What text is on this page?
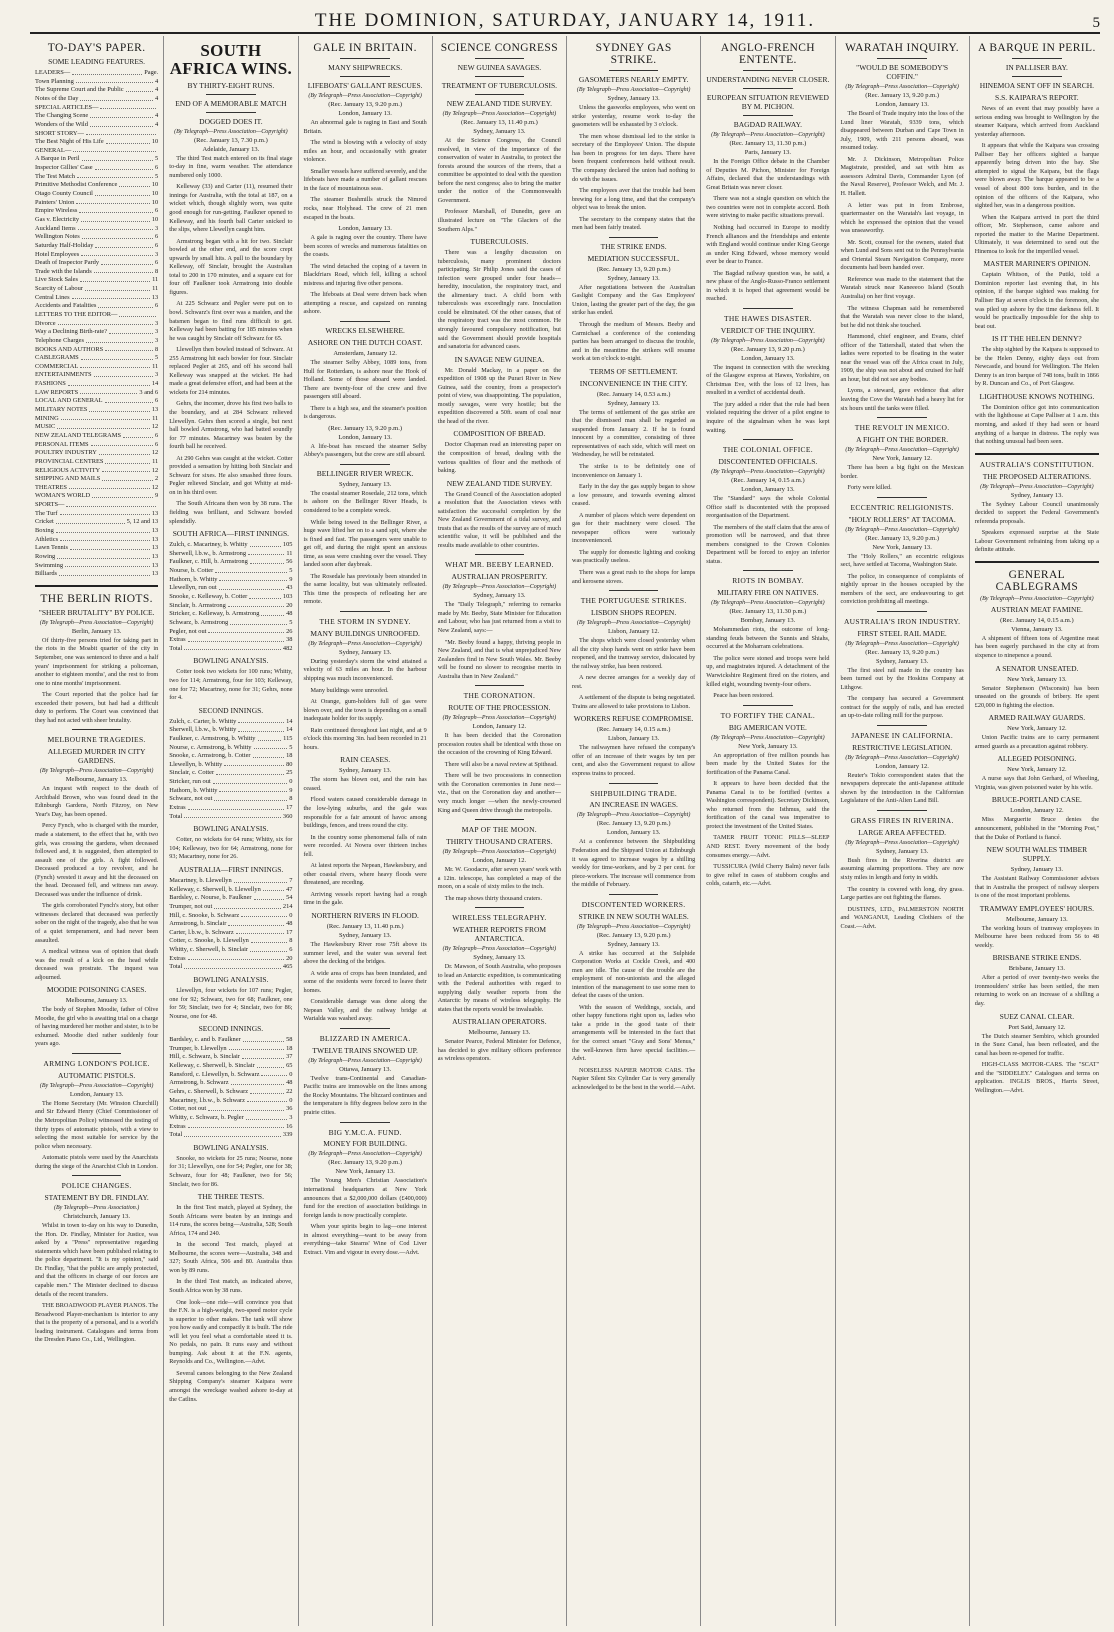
THE DOMINION, SATURDAY, JANUARY 14, 1911.	5
TO-DAY'S PAPER.
SOME LEADING FEATURES.
LEADERS—	Page.
Town Planning	4
The Supreme Court and the Public	4
Notes of the Day	4
SPECIAL ARTICLES—
The Changing Scene	4
Wonders of the Wild	4
SHORT STORY—
The Best Night of His Life	10
GENERAL—
A Barque in Peril	5
Inspector Gillies' Case	6
The Test Match	5
Primitive Methodist Conference	10
Otago County Council	10
Painters' Union	10
Empire Wireless	6
Gas v. Electricity	10
Auckland Items	3
Wellington Notes	6
Saturday Half-Holiday	6
Hotel Employees	3
Death of Inspector Pardy	6
Trade with the Islands	8
Live Stock Sales	11
Scarcity of Labour	11
Central Lines	13
Accidents and Fatalities	6
LETTERS TO THE EDITOR—
Divorce	3
Way a Declining Birth-rate?	3
Telephone Charges	3
BOOKS AND AUTHORS	8
CABLEGRAMS	5
COMMERCIAL	11
ENTERTAINMENTS	3
FASHIONS	14
LAW REPORTS	3 and 6
LOCAL AND GENERAL	6
MILITARY NOTES	13
MINING	11
MUSIC	12
NEW ZEALAND TELEGRAMS	6
PERSONAL ITEMS	6
POULTRY INDUSTRY	12
PROVINCIAL CENTRES	11
RELIGIOUS ACTIVITY	12
SHIPPING AND MAILS	2
THEATRES	12
WOMAN'S WORLD	9
SPORTS—
The Turf	13
Cricket	5, 12 and 13
Boxing	13
Athletics	13
Lawn Tennis	13
Rowing	13
Swimming	13
Billiards	13
THE BERLIN RIOTS.
"SHEER BRUTALITY" BY POLICE.
(By Telegraph—Press Association—Copyright)
Berlin, January 13.

Of thirty-five persons tried for taking part in the riots in the Moabit quarter of the city in September, one was sentenced to three and a half years' imprisonment for striking a policeman, another to eighteen months', and the rest to from one to nine months' imprisonment.

The Court reported that the police had far exceeded their powers, but had had a difficult duty to perform. The Court was convinced that they had not acted with sheer brutality.

MELBOURNE TRAGEDIES.
ALLEGED MURDER IN CITY GARDENS.
(By Telegraph—Press Association—Copyright)
Melbourne, January 13.

An inquest with respect to the death of Archibald Brown, who was found dead in the Edinburgh Gardens, North Fitzroy, on New Year's Day, has been opened.

Percy Fynch, who is charged with the murder, made a statement, to the effect that he, with two girls, was crossing the gardens, when deceased followed and, it is suggested, then attempted to assault one of the girls. A fight followed. Deceased produced a toy revolver, and he (Fynch) wrested it away and hit the deceased on the head. Deceased fell, and witness ran away. Deceased was under the influence of drink.

The girls corroborated Fynch's story, but other witnesses declared that deceased was perfectly sober on the night of the tragedy, also that he was of a quiet temperament, and had never been assaulted.

A medical witness was of opinion that death was the result of a kick on the head while deceased was prostrate. The inquest was adjourned.

MOODIE POISONING CASES.
Melbourne, January 13.

The body of Stephen Moodie, father of Olive Moodie, the girl who is awaiting trial on a charge of having murdered her mother and sister, is to be exhumed. Moodie died rather suddenly four years ago.

ARMING LONDON'S POLICE.
AUTOMATIC PISTOLS.
(By Telegraph—Press Association—Copyright)
London, January 13.

The Home Secretary (Mr. Winston Churchill) and Sir Edward Henry (Chief Commissioner of the Metropolitan Police) witnessed the testing of thirty types of automatic pistols, with a view to selecting the most suitable for service by the police when necessary.

Automatic pistols were used by the Anarchists during the siege of the Anarchist Club in London.

POLICE CHANGES.
STATEMENT BY DR. FINDLAY.
(By Telegraph—Press Association.)
Christchurch, January 13.

Whilst in town to-day on his way to Dunedin, the Hon. Dr. Findlay, Minister for Justice, was asked by a "Press" representative regarding statements which have been published relating to the police department. "It is my opinion," said Dr. Findlay, "that the public are amply protected, and that the officers in charge of our forces are capable men." The Minister declined to discuss details of the recent transfers.

THE BROADWOOD PLAYER PIANOS. The Broadwood Player-mechanism is interior to any that is the property of a personal, and is a world's leading instrument. Catalogues and terms from the Dresden Piano Co., Ltd., Wellington.

SOUTH AFRICA WINS.
BY THIRTY-EIGHT RUNS.
END OF A MEMORABLE MATCH
DOGGED DOES IT.
(By Telegraph—Press Association—Copyright)
(Rec. January 13, 7.30 p.m.)
Adelaide, January 13.

The third Test match entered on its final stage to-day in fine, warm weather. The attendance numbered only 1000.

Kelleway (33) and Carter (11), resumed their innings for Australia, with the total at 187, on a wicket which, though slightly worn, was quite good enough for run-getting. Faulkner opened to Kelleway, and his fourth ball Carter snicked to the slips, where Llewellyn caught him.

Armstrong began with a hit for two. Sinclair bowled at the other end, and the score crept upwards by small hits. A pull to the boundary by Kelleway, off Sinclair, brought the Australian total to 200 in 170 minutes, and a square cut for four off Faulkner took Armstrong into double figures.

At 225 Schwarz and Pegler were put on to bowl. Schwarz's first over was a maiden, and the batsmen began to find runs difficult to get. Kelleway had been batting for 185 minutes when he was caught by Sinclair off Schwarz for 65.

Llewellyn then bowled instead of Schwarz. At 255 Armstrong hit each bowler for four. Sinclair replaced Pegler at 265, and off his second ball Kelleway was snapped at the wicket. He had made a great defensive effort, and had been at the wickets for 214 minutes.

Gehrs, the incomer, drove his first two balls to the boundary, and at 284 Schwarz relieved Llewellyn. Gehrs then scored a single, but next ball bowled Armstrong, who had batted soundly for 77 minutes. Macartney was beaten by the fourth ball he received.

At 290 Gehrs was caught at the wicket. Cotter provided a sensation by hitting both Sinclair and Schwarz for sixes. He also smashed three fours. Pegler relieved Sinclair, and got Whitty at mid-on in his third over.

The South Africans then won by 38 runs. The fielding was brilliant, and Schwarz bowled splendidly.

SOUTH AFRICA—FIRST INNINGS.
Zulch, c. Macartney, b. Whitty	105
Sherwell, l.b.w., b. Armstrong	11
Faulkner, c. Hill, b. Armstrong	56
Nourse, b. Cotter	5
Hathorn, b. Whitty	9
Llewellyn, run out	43
Snooke, c. Kelleway, b. Cotter	103
Sinclair, b. Armstrong	20
Stricker, c. Kelleway, b. Armstrong	48
Schwarz, b. Armstrong	5
Pegler, not out	26
Extras	38
Total	482
BOWLING ANALYSIS.

Cotter took two wickets for 100 runs; Whitty, two for 114; Armstrong, four for 103; Kelleway, one for 72; Macartney, none for 31; Gehrs, none for 4.

SECOND INNINGS.
Zulch, c. Carter, b. Whitty	14
Sherwell, l.b.w., b. Whitty	14
Faulkner, c. Armstrong, b. Whitty	115
Nourse, c. Armstrong, b. Whitty	5
Snooke, c. Armstrong, b. Cotter	18
Llewellyn, b. Whitty	80
Sinclair, c. Cotter	25
Stricker, run out	0
Hathorn, b. Whitty	9
Schwarz, not out	8
Extras	17
Total	360
BOWLING ANALYSIS.

Cotter, no wickets for 64 runs; Whitty, six for 104; Kelleway, two for 64; Armstrong, none for 93; Macartney, none for 26.

AUSTRALIA—FIRST INNINGS.
Macartney, b. Llewellyn	7
Kelleway, c. Sherwell, b. Llewellyn	47
Bardsley, c. Nourse, b. Faulkner	54
Trumper, not out	214
Hill, c. Snooke, b. Schwarz	0
Armstrong, b. Sinclair	48
Carter, l.b.w., b. Schwarz	17
Cotter, c. Snooke, b. Llewellyn	8
Whitty, c. Sherwell, b. Sinclair	6
Extras	20
Total	465
BOWLING ANALYSIS.

Llewellyn, four wickets for 107 runs; Pegler, one for 92; Schwarz, two for 68; Faulkner, one for 59; Sinclair, two for 4; Sinclair, two for 86; Nourse, one for 48.

SECOND INNINGS.
Bardsley, c. and b. Faulkner	58
Trumper, b. Llewellyn	18
Hill, c. Schwarz, b. Sinclair	37
Kelleway, c. Sherwell, b. Sinclair	65
Ransford, c. Llewellyn, b. Schwarz	0
Armstrong, b. Schwarz	48
Gehrs, c. Sherwell, b. Schwarz	22
Macartney, l.b.w., b. Schwarz	0
Cotter, not out	36
Whitty, c. Schwarz, b. Pegler	3
Extras	16
Total	339
BOWLING ANALYSIS.

Snooke, no wickets for 25 runs; Nourse, none for 31; Llewellyn, one for 54; Pegler, one for 38; Schwarz, four for 48; Faulkner, two for 56; Sinclair, two for 86.

THE THREE TESTS.

In the first Test match, played at Sydney, the South Africans were beaten by an innings and 114 runs, the scores being—Australia, 528; South Africa, 174 and 240.

In the second Test match, played at Melbourne, the scores were—Australia, 348 and 327; South Africa, 506 and 80. Australia thus won by 89 runs.

In the third Test match, as indicated above, South Africa won by 38 runs.

One look—one ride—will convince you that the F.N. is a high-weight, two-speed motor cycle is superior to other makes. The tank will show you how easily and compactly it is built. The ride will let you feel what a comfortable steed it is. No pedals, no pain. It runs easy and without bumping. Ask about it at the F.N. agents, Reynolds and Co., Wellington.—Advt.

Several canoes belonging to the New Zealand Shipping Company's steamer Kaipara were amongst the wreckage washed ashore to-day at the Catlins.

GALE IN BRITAIN.
MANY SHIPWRECKS.
LIFEBOATS' GALLANT RESCUES.
(By Telegraph—Press Association—Copyright)
(Rec. January 13, 9.20 p.m.)
London, January 13.

An abnormal gale is raging in East and South Britain.

The wind is blowing with a velocity of sixty miles an hour, and occasionally with greater violence.

Smaller vessels have suffered severely, and the lifeboats have made a number of gallant rescues in the face of mountainous seas.

The steamer Bushmills struck the Nimrod rocks, near Holyhead. The crew of 21 men escaped in the boats.

London, January 13.

A gale is raging over the country. There have been scores of wrecks and numerous fatalities on the coasts.

The wind detached the coping of a tavern in Blackfriars Road, which fell, killing a school mistress and injuring five other persons.

The lifeboats at Deal were driven back when attempting a rescue, and capsized on running ashore.

WRECKS ELSEWHERE.
ASHORE ON THE DUTCH COAST.
Amsterdam, January 12.

The steamer Selby Abbey, 1089 tons, from Hull for Rotterdam, is ashore near the Hook of Holland. Some of those aboard were landed. There are twenty-four of the crew and five passengers still aboard.

There is a high sea, and the steamer's position is dangerous.

(Rec. January 13, 9.20 p.m.)
London, January 13.

A life-boat has rescued the steamer Selby Abbey's passengers, but the crew are still aboard.

BELLINGER RIVER WRECK.
Sydney, January 13.

The coastal steamer Rosedale, 212 tons, which is ashore on the Bellinger River Heads, is considered to be a complete wreck.

While being towed in the Bellinger River, a huge wave lifted her on to a sand spit, where she is fixed and fast. The passengers were unable to get off, and during the night spent an anxious time, as seas were crashing over the vessel. They landed soon after daybreak.

The Rosedale has previously been stranded in the same locality, but was ultimately refloated. This time the prospects of refloating her are remote.

THE STORM IN SYDNEY.
MANY BUILDINGS UNROOFED.
(By Telegraph—Press Association—Copyright)
Sydney, January 13.

During yesterday's storm the wind attained a velocity of 63 miles an hour. In the harbour shipping was much inconvenienced.

Many buildings were unroofed.

At Orange, gum-holders full of gas were blown over, and the town is depending on a small inadequate holder for its supply.

Rain continued throughout last night, and at 9 o'clock this morning 3in. had been recorded in 21 hours.

RAIN CEASES.
Sydney, January 13.

The storm has blown out, and the rain has ceased.

Flood waters caused considerable damage in the low-lying suburbs, and the gale was responsible for a fair amount of havoc among buildings, fences, and trees round the city.

In the country some phenomenal falls of rain were recorded. At Nowra over thirteen inches fell.

At latest reports the Nepean, Hawkesbury, and other coastal rivers, where heavy floods were threatened, are receding.

Arriving vessels report having had a rough time in the gale.

NORTHERN RIVERS IN FLOOD.
(Rec. January 13, 11.40 p.m.)
Sydney, January 13.

The Hawkesbury River rose 75ft above its summer level, and the water was several feet above the decking of the bridges.

A wide area of crops has been inundated, and some of the residents were forced to leave their homes.

Considerable damage was done along the Nepean Valley, and the railway bridge at Warialda was washed away.

BLIZZARD IN AMERICA.
TWELVE TRAINS SNOWED UP.
(By Telegraph—Press Association—Copyright)
Ottawa, January 13.

Twelve trans-Continental and Canadian-Pacific trains are immovable on the lines among the Rocky Mountains. The blizzard continues and the temperature is fifty degrees below zero in the prairie cities.

BIG Y.M.C.A. FUND.
MONEY FOR BUILDING.
(By Telegraph—Press Association—Copyright)
(Rec. January 13, 9.20 p.m.)
New York, January 13.

The Young Men's Christian Association's international headquarters at New York announces that a $2,000,000 dollars (£400,000) fund for the erection of association buildings in foreign lands is now practically complete.

When your spirits begin to lag—one interest in almost everything—want to be away from everything—take Stearns' Wine of Cod Liver Extract. Vim and vigour in every dose.—Advt.

SCIENCE CONGRESS
NEW GUINEA SAVAGES.
TREATMENT OF TUBERCULOSIS.
NEW ZEALAND TIDE SURVEY.
(By Telegraph—Press Association—Copyright)
(Rec. January 13, 11.40 p.m.)
Sydney, January 13.

At the Science Congress, the Council resolved, in view of the importance of the conservation of water in Australia, to protect the forests around the sources of the rivers, that a committee be appointed to deal with the question before the next congress; also to bring the matter under the notice of the Commonwealth Government.

Professor Marshall, of Dunedin, gave an illustrated lecture on "The Glaciers of the Southern Alps."

TUBERCULOSIS.

There was a lengthy discussion on tuberculosis, many prominent doctors participating. Sir Philip Jones said the cases of infection were grouped under four heads—heredity, inoculation, the respiratory tract, and the alimentary tract. A child born with tuberculosis was exceedingly rare. Inoculation could be eliminated. Of the other causes, that of the respiratory tract was the most common. He strongly favoured compulsory notification, but said the Government should provide hospitals and sanatoria for advanced cases.

IN SAVAGE NEW GUINEA.

Mr. Donald Mackay, in a paper on the expedition of 1908 up the Purari River in New Guinea, said the country, from a prospector's point of view, was disappointing. The population, mostly savages, were very hostile; but the expedition discovered a 50ft. seam of coal near the head of the river.

COMPOSITION OF BREAD.

Doctor Chapman read an interesting paper on the composition of bread, dealing with the various qualities of flour and the methods of baking.

NEW ZEALAND TIDE SURVEY.

The Grand Council of the Association adopted a resolution that the Association views with satisfaction the successful completion by the New Zealand Government of a tidal survey, and trusts that as the results of the survey are of much scientific value, it will be published and the results made available to other countries.

WHAT MR. BEEBY LEARNED.
AUSTRALIAN PROSPERITY.
(By Telegraph—Press Association—Copyright)
Sydney, January 13.

The "Daily Telegraph," referring to remarks made by Mr. Beeby, State Minister for Education and Labour, who has just returned from a visit to New Zealand, says:—

"Mr. Beeby found a happy, thriving people in New Zealand, and that is what unprejudiced New Zealanders find in New South Wales. Mr. Beeby will be found no slower to recognise merits in Australia than in New Zealand."

THE CORONATION.
ROUTE OF THE PROCESSION.
(By Telegraph—Press Association—Copyright)
London, January 12.

It has been decided that the Coronation procession routes shall be identical with those on the occasion of the crowning of King Edward.

There will also be a naval review at Spithead.

There will be two processions in connection with the Coronation ceremonies in June next—viz., that on the Coronation day and another—very much longer —when the newly-crowned King and Queen drive through the metropolis.

MAP OF THE MOON.
THIRTY THOUSAND CRATERS.
(By Telegraph—Press Association—Copyright)
London, January 12.

Mr. W. Goodacre, after seven years' work with a 12in. telescope, has completed a map of the moon, on a scale of sixty miles to the inch.

The map shows thirty thousand craters.

WIRELESS TELEGRAPHY.
WEATHER REPORTS FROM ANTARCTICA.
(By Telegraph—Press Association—Copyright)
Sydney, January 13.

Dr. Mawson, of South Australia, who proposes to lead an Antarctic expedition, is communicating with the Federal authorities with regard to supplying daily weather reports from the Antarctic by means of wireless telegraphy. He states that the reports would be invaluable.

AUSTRALIAN OPERATORS.
Melbourne, January 13.

Senator Pearce, Federal Minister for Defence, has decided to give military officers preference as wireless operators.

SYDNEY GAS STRIKE.
GASOMETERS NEARLY EMPTY.
(By Telegraph—Press Association—Copyright)
Sydney, January 13.

Unless the gasworks employees, who went on strike yesterday, resume work to-day the gasometers will be exhausted by 3 o'clock.

The men whose dismissal led to the strike is secretary of the Employees' Union. The dispute has been in progress for ten days. There have been frequent conferences held without result. The company declared the union had nothing to do with the issues.

The employees aver that the trouble had been brewing for a long time, and that the company's object was to break the union.

The secretary to the company states that the men had been fairly treated.

THE STRIKE ENDS.
MEDIATION SUCCESSFUL.
(Rec. January 13, 9.20 p.m.)
Sydney, January 13.

After negotiations between the Australian Gaslight Company and the Gas Employees' Union, lasting the greater part of the day, the gas strike has ended.

Through the medium of Messrs. Beeby and Carmichael a conference of the contending parties has been arranged to discuss the trouble, and in the meantime the strikers will resume work at ten o'clock to-night.

TERMS OF SETTLEMENT.
INCONVENIENCE IN THE CITY.
(Rec. January 14, 0.53 a.m.)
Sydney, January 13.

The terms of settlement of the gas strike are that the dismissed man shall be regarded as suspended from January 2. If he is found innocent by a committee, consisting of three representatives of each side, which will meet on Wednesday, he will be reinstated.

The strike is to be definitely one of inconvenience on January 1.

Early in the day the gas supply began to show a low pressure, and towards evening almost ceased.

A number of places which were dependent on gas for their machinery were closed. The newspaper offices were variously inconvenienced.

The supply for domestic lighting and cooking was practically useless.

There was a great rush to the shops for lamps and kerosene stoves.

THE PORTUGUESE STRIKES.
LISBON SHOPS REOPEN.
(By Telegraph—Press Association—Copyright)
Lisbon, January 12.

The shops which were closed yesterday when all the city shop hands went on strike have been reopened, and the tramway service, dislocated by the railway strike, has been restored.

A new decree arranges for a weekly day of rest.

A settlement of the dispute is being negotiated. Trains are allowed to take provisions to Lisbon.

WORKERS REFUSE COMPROMISE.
(Rec. January 14, 0.15 a.m.)
Lisbon, January 13.

The railwaymen have refused the company's offer of an increase of their wages by ten per cent, and also the Government request to allow express trains to proceed.

SHIPBUILDING TRADE.
AN INCREASE IN WAGES.
(By Telegraph—Press Association—Copyright)
(Rec. January 13, 9.20 p.m.)
London, January 13.

At a conference between the Shipbuilding Federation and the Shipyard Union at Edinburgh it was agreed to increase wages by a shilling weekly for time-workers, and by 2 per cent. for piece-workers. The increase will commence from the middle of February.

DISCONTENTED WORKERS.
STRIKE IN NEW SOUTH WALES.
(By Telegraph—Press Association—Copyright)
(Rec. January 13, 9.20 p.m.)
Sydney, January 13.

A strike has occurred at the Sulphide Corporation Works at Cockle Creek, and 400 men are idle. The cause of the trouble are the employment of non-unionists and the alleged intention of the management to use some men to defeat the cases of the union.

With the season of Weddings, socials, and other happy functions right upon us, ladies who take a pride in the good taste of their arrangements will be interested in the fact that for the correct smart "Gray and Sons' Menus," the well-known firm have special facilities.—Advt.

NOISELESS NAPIER MOTOR CARS. The Napier Silent Six Cylinder Car is very generally acknowledged to be the best in the world.—Advt.

ANGLO-FRENCH ENTENTE.
UNDERSTANDING NEVER CLOSER.
EUROPEAN SITUATION REVIEWED BY M. PICHON.
BAGDAD RAILWAY.
(By Telegraph—Press Association—Copyright)
(Rec. January 13, 11.30 p.m.)
Paris, January 13.

In the Foreign Office debate in the Chamber of Deputies M. Pichon, Minister for Foreign Affairs, declared that the understandings with Great Britain was never closer.

There was not a single question on which the two countries were not in complete accord. Both were striving to make pacific situations prevail.

Nothing had occurred in Europe to modify French alliances and the friendships and entente with England would continue under King George as under King Edward, whose memory would ever be dear to France.

The Bagdad railway question was, he said, a new phase of the Anglo-Russo-Franco settlement in which it is hoped that agreement would be reached.

THE HAWES DISASTER.
VERDICT OF THE INQUIRY.
(By Telegraph—Press Association—Copyright)
(Rec. January 13, 9.20 p.m.)
London, January 13.

The inquest in connection with the wrecking of the Glasgow express at Hawes, Yorkshire, on Christmas Eve, with the loss of 12 lives, has resulted in a verdict of accidental death.

The jury added a rider that the rule had been violated requiring the driver of a pilot engine to inquire of the signalman when he was kept waiting.

THE COLONIAL OFFICE.
DISCONTENTED OFFICIALS.
(By Telegraph—Press Association—Copyright)
(Rec. January 14, 0.15 a.m.)
London, January 13.

The "Standard" says the whole Colonial Office staff is discontented with the proposed reorganisation of the Department.

The members of the staff claim that the area of promotion will be narrowed, and that three members consigned to the Crown Colonies Department will be forced to enjoy an inferior status.

RIOTS IN BOMBAY.
MILITARY FIRE ON NATIVES.
(By Telegraph—Press Association—Copyright)
(Rec. January 13, 11.30 p.m.)
Bombay, January 13.

Mohammedan riots, the outcome of long-standing feuds between the Sunnis and Shiahs, occurred at the Moharram celebrations.

The police were stoned and troops were held up, and magistrates injured. A detachment of the Warwickshire Regiment fired on the rioters, and killed eight, wounding twenty-four others.

Peace has been restored.

TO FORTIFY THE CANAL.
BIG AMERICAN VOTE.
(By Telegraph—Press Association—Copyright)
New York, January 13.

An appropriation of five million pounds has been made by the United States for the fortification of the Panama Canal.

It appears to have been decided that the Panama Canal is to be fortified (writes a Washington correspondent). Secretary Dickinson, who returned from the Isthmus, said the fortification of the canal was imperative to protect the investment of the United States.

TAMER FRUIT TONIC PILLS—SLEEP AND REST. Every movement of the body consumes energy.—Advt.

TUSSICURA (Wild Cherry Balm) never fails to give relief in cases of stubborn coughs and colds, catarrh, etc.—Advt.

WARATAH INQUIRY.
"WOULD BE SOMEBODY'S COFFIN."
(By Telegraph—Press Association—Copyright)
(Rec. January 13, 9.20 p.m.)
London, January 13.

The Board of Trade inquiry into the loss of the Lund liner Waratah, 9339 tons, which disappeared between Durban and Cape Town in July, 1909, with 211 persons aboard, was resumed today.

Mr. J. Dickinson, Metropolitan Police Magistrate, presided, and sat with him as assessors Admiral Davis, Commander Lyon (of the Naval Reserve), Professor Welch, and Mr. J. H. Hallett.

A letter was put in from Embrose, quartermaster on the Waratah's last voyage, in which he expressed the opinion that the vessel was unseaworthy.

Mr. Scott, counsel for the owners, stated that when Lund and Sons sent out to the Pennsylvania and Oriental Steam Navigation Company, more documents had been handed over.

Reference was made to the statement that the Waratah struck near Kaneeeoo Island (South Australia) on her first voyage.

The witness Chapman said he remembered that the Waratah was never close to the island, but he did not think she touched.

Hammond, chief engineer, and Evans, chief officer of the Tattershall, stated that when the ladies were reported to be floating in the water near the vessel was off the Africa coast in July, 1909, the ship was not about and cruised for half an hour, but did not see any bodies.

Lyons, a steward, gave evidence that after leaving the Cove the Waratah had a heavy list for six hours until the tanks were filled.

THE REVOLT IN MEXICO.
A FIGHT ON THE BORDER.
(By Telegraph—Press Association—Copyright)
New York, January 12.

There has been a big fight on the Mexican border.

Forty were killed.

ECCENTRIC RELIGIONISTS.
"HOLY ROLLERS" AT TACOMA.
(By Telegraph—Press Association—Copyright)
(Rec. January 13, 9.20 p.m.)
New York, January 13.

The "Holy Rollers," an eccentric religious sect, have settled at Tacoma, Washington State.

The police, in consequence of complaints of nightly uproar in the houses occupied by the members of the sect, are endeavouring to get conviction prohibiting all meetings.

AUSTRALIA'S IRON INDUSTRY.
FIRST STEEL RAIL MADE.
(By Telegraph—Press Association—Copyright)
(Rec. January 13, 9.20 p.m.)
Sydney, January 13.

The first steel rail made in the country has been turned out by the Hoskins Company at Lithgow.

The company has secured a Government contract for the supply of rails, and has erected an up-to-date rolling mill for the purpose.

JAPANESE IN CALIFORNIA.
RESTRICTIVE LEGISLATION.
(By Telegraph—Press Association—Copyright)
London, January 12.

Reuter's Tokio correspondent states that the newspapers deprecate the anti-Japanese attitude shown by the introduction in the Californian Legislature of the Anti-Alien Land Bill.

GRASS FIRES IN RIVERINA.
LARGE AREA AFFECTED.
(By Telegraph—Press Association—Copyright)
Sydney, January 13.

Bush fires in the Riverina district are assuming alarming proportions. They are now sixty miles in length and forty in width.

The country is covered with long, dry grass. Large parties are out fighting the flames.

DUSTIN'S, LTD., PALMERSTON NORTH and WANGANUI, Leading Clothiers of the Coast.—Advt.

A BARQUE IN PERIL.
IN PALLISER BAY.
HINEMOA SENT OFF IN SEARCH.
S.S. KAIPARA'S REPORT.

News of an event that may possibly have a serious ending was brought to Wellington by the steamer Kaipara, which arrived from Auckland yesterday afternoon.

It appears that while the Kaipara was crossing Palliser Bay her officers sighted a barque apparently being driven into the bay. She attempted to signal the Kaipara, but the flags were blown away. The barque appeared to be a vessel of about 800 tons burden, and in the opinion of the officers of the Kaipara, who sighted her, was in a dangerous position.

When the Kaipara arrived in port the third officer, Mr. Stephenson, came ashore and reported the matter to the Marine Department. Ultimately, it was determined to send out the Hinemoa to look for the imperilled vessel.

MASTER MARINER'S OPINION.

Captain Whitson, of the Putiki, told a Dominion reporter last evening that, in his opinion, if the barque sighted was making for Palliser Bay at seven o'clock in the forenoon, she was piled up ashore by the time darkness fell. It would be practically impossible for the ship to beat out.

IS IT THE HELEN DENNY?

The ship sighted by the Kaipara is supposed to be the Helen Denny, eighty days out from Newcastle, and bound for Wellington. The Helen Denny is an iron barque of 748 tons, built in 1866 by R. Duncan and Co., of Port Glasgow.

LIGHTHOUSE KNOWS NOTHING.

The Dominion office got into communication with the lighthouse at Cape Palliser at 1 a.m. this morning, and asked if they had seen or heard anything of a barque in distress. The reply was that nothing unusual had been seen.

AUSTRALIA'S CONSTITUTION.
THE PROPOSED ALTERATIONS.
(By Telegraph—Press Association—Copyright)
Sydney, January 13.

The Sydney Labour Council unanimously decided to support the Federal Government's referenda proposals.

Speakers expressed surprise at the State Labour Government refraining from taking up a definite attitude.

GENERAL CABLEGRAMS
(By Telegraph—Press Association—Copyright)
AUSTRIAN MEAT FAMINE.
(Rec. January 14, 0.15 a.m.)
Vienna, January 13.

A shipment of fifteen tons of Argentine meat has been eagerly purchased in the city at from sixpence to ninepence a pound.

A SENATOR UNSEATED.
New York, January 13.

Senator Stephenson (Wisconsin) has been unseated on the grounds of bribery. He spent £20,000 in fighting the election.

ARMED RAILWAY GUARDS.
New York, January 12.

Union Pacific trains are to carry permanent armed guards as a precaution against robbery.

ALLEGED POISONING.
New York, January 12.

A nurse says that John Gerhard, of Wheeling, Virginia, was given poisoned water by his wife.

BRUCE-PORTLAND CASE.
London, January 12.

Miss Marguerite Bruce denies the announcement, published in the "Morning Post," that the Duke of Portland is fiancé.

NEW SOUTH WALES TIMBER SUPPLY.
Sydney, January 13.

The Assistant Railway Commissioner advises that in Australia the prospect of railway sleepers is one of the most important problems.

TRAMWAY EMPLOYEES' HOURS.
Melbourne, January 13.

The working hours of tramway employees in Melbourne have been reduced from 56 to 48 weekly.

BRISBANE STRIKE ENDS.
Brisbane, January 13.

After a period of over twenty-two weeks the ironmoulders' strike has been settled, the men returning to work on an increase of a shilling a day.

SUEZ CANAL CLEAR.
Port Said, January 12.

The Dutch steamer Sembiro, which grounded in the Suez Canal, has been refloated, and the canal has been re-opened for traffic.

HIGH-CLASS MOTOR-CARS. The "SCAT" and the "SIDDELEY." Catalogues and terms on application. INGLIS BROS., Harris Street, Wellington.—Advt.
